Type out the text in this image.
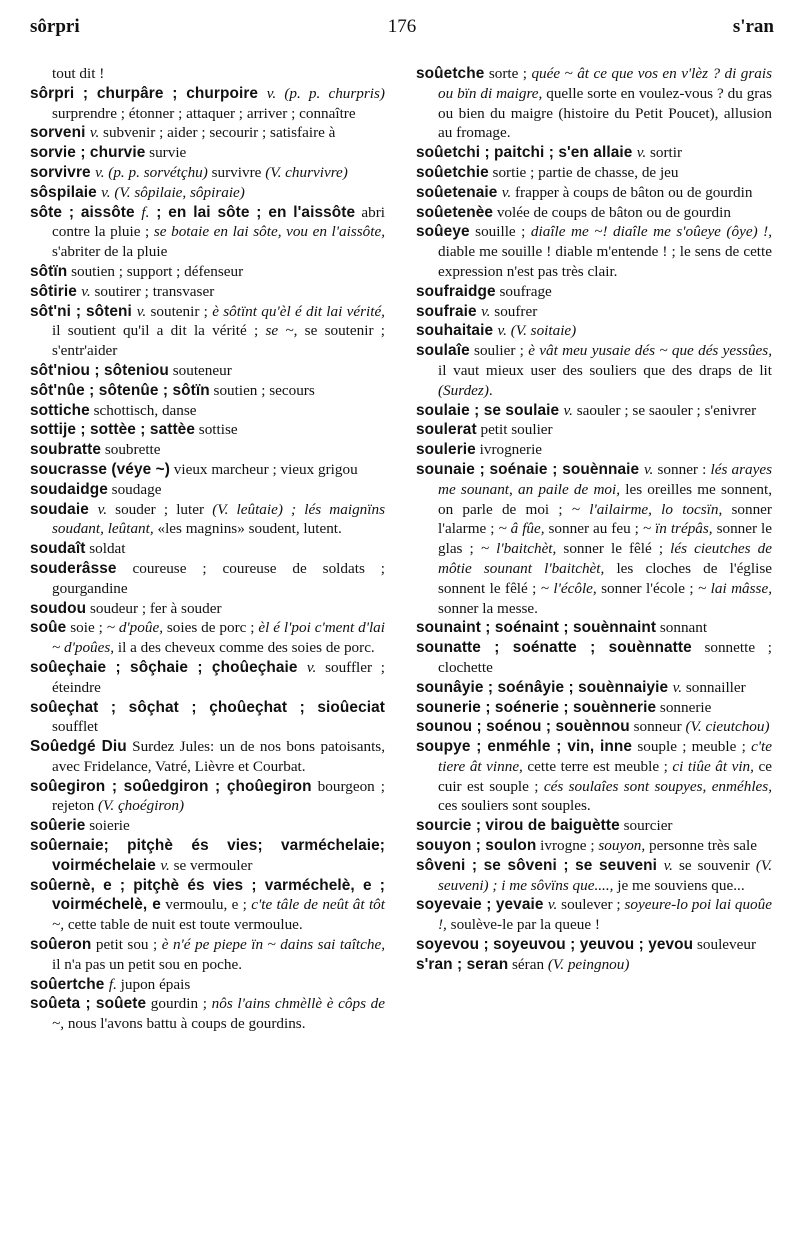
sôrpri	176	s'ran

tout dit !

sôrpri ; churpâre ; churpoire v. (p. p. churpris) surprendre ; étonner ; attaquer ; arriver ; connaître

sorveni v. subvenir ; aider ; secourir ; satisfaire à

sorvie ; churvie survie

sorvivre v. (p. p. sorvétçhu) survivre (V. churvivre)

sôspilaie v. (V. sôpilaie, sôpiraie)

sôte ; aissôte f. ; en lai sôte ; en l'aissôte abri contre la pluie ; se botaie en lai sôte, vou en l'aissôte, s'abriter de la pluie

sôtïn soutien ; support ; défenseur

sôtirie v. soutirer ; transvaser

sôt'ni ; sôteni v. soutenir ; è sôtïnt qu'èl é dit lai vérité, il soutient qu'il a dit la vérité ; se ~, se soutenir ; s'entr'aider

sôt'niou ; sôteniou souteneur

sôt'nûe ; sôtenûe ; sôtïn soutien ; secours

sottiche schottisch, danse

sottije ; sottèe ; sattèe sottise

soubratte soubrette

soucrasse (véye ~) vieux marcheur ; vieux grigou

soudaidge soudage

soudaie v. souder ; luter (V. leûtaie) ; lés maignïns soudant, leûtant, «les magnins» soudent, lutent.

soudaît soldat

souderâsse coureuse ; coureuse de soldats ; gourgandine

soudou soudeur ; fer à souder

soûe soie ; ~ d'poûe, soies de porc ; èl é l'poi c'ment d'lai ~ d'poûes, il a des cheveux comme des soies de porc.

soûeçhaie ; sôçhaie ; çhoûeçhaie v. souffler ; éteindre

soûeçhat ; sôçhat ; çhoûeçhat ; sioûeciat soufflet

Soûedgé Diu Surdez Jules: un de nos bons patoisants, avec Fridelance, Vatré, Lièvre et Courbat.

soûegiron ; soûedgiron ; çhoûegiron bourgeon ; rejeton (V. çhoégiron)

soûerie soierie

soûernaie; pitçhè és vies; varméchelaie; voirméchelaie v. se vermouler

soûernè, e ; pitçhè és vies ; varméchelè, e ; voirméchelè, e vermoulu, e ; c'te tâle de neût ât tôt ~, cette table de nuit est toute vermoulue.

soûeron petit sou ; è n'é pe piepe ïn ~ dains sai taîtche, il n'a pas un petit sou en poche.

soûertche f. jupon épais

soûeta ; soûete gourdin ; nôs l'ains chmèllè è côps de ~, nous l'avons battu à coups de gourdins.

soûetche sorte ; quée ~ ât ce que vos en v'lèz ? di grais ou bïn di maigre, quelle sorte en voulez-vous ? du gras ou bien du maigre (histoire du Petit Poucet), allusion au fromage.

soûetchi ; paitchi ; s'en allaie v. sortir

soûetchie sortie ; partie de chasse, de jeu

soûetenaie v. frapper à coups de bâton ou de gourdin

soûetenèe volée de coups de bâton ou de gourdin

soûeye souille ; diaîle me ~! diaîle me s'oûeye (ôye) !, diable me souille ! diable m'entende ! ; le sens de cette expression n'est pas très clair.

soufraidge soufrage

soufraie v. soufrer

souhaitaie v. (V. soitaie)

soulaîe soulier ; è vât meu yusaie dés ~ que dés yessûes, il vaut mieux user des souliers que des draps de lit (Surdez).

soulaie ; se soulaie v. saouler ; se saouler ; s'enivrer

soulerat petit soulier

soulerie ivrognerie

sounaie ; soénaie ; souènnaie v. sonner : lés arayes me sounant, an paile de moi, les oreilles me sonnent, on parle de moi ; ~ l'ailairme, lo tocsïn, sonner l'alarme ; ~ â fûe, sonner au feu ; ~ ïn trépâs, sonner le glas ; ~ l'baitchèt, sonner le fêlé ; lés cieutches de môtie sounant l'baitchèt, les cloches de l'église sonnent le fêlé ; ~ l'écôle, sonner l'école ; ~ lai mâsse, sonner la messe.

sounaint ; soénaint ; souènnaint sonnant

sounatte ; soénatte ; souènnatte sonnette ; clochette

sounâyie ; soénâyie ; souènnaiyie v. sonnailler

sounerie ; soénerie ; souènnerie sonnerie

sounou ; soénou ; souènnou sonneur (V. cieutchou)

soupye ; enméhle ; vin, inne souple ; meuble ; c'te tiere ât vinne, cette terre est meuble ; ci tiûe ât vin, ce cuir est souple ; cés soulaîes sont soupyes, enméhles, ces souliers sont souples.

sourcie ; virou de baiguètte sourcier

souyon ; soulon ivrogne ; souyon, personne très sale

sôveni ; se sôveni ; se seuveni v. se souvenir (V. seuveni) ; i me sôvïns que...., je me souviens que...

soyevaie ; yevaie v. soulever ; soyeure-lo poi lai quoûe !, soulève-le par la queue !

soyevou ; soyeuvou ; yeuvou ; yevou souleveur

s'ran ; seran séran (V. peingnou)
